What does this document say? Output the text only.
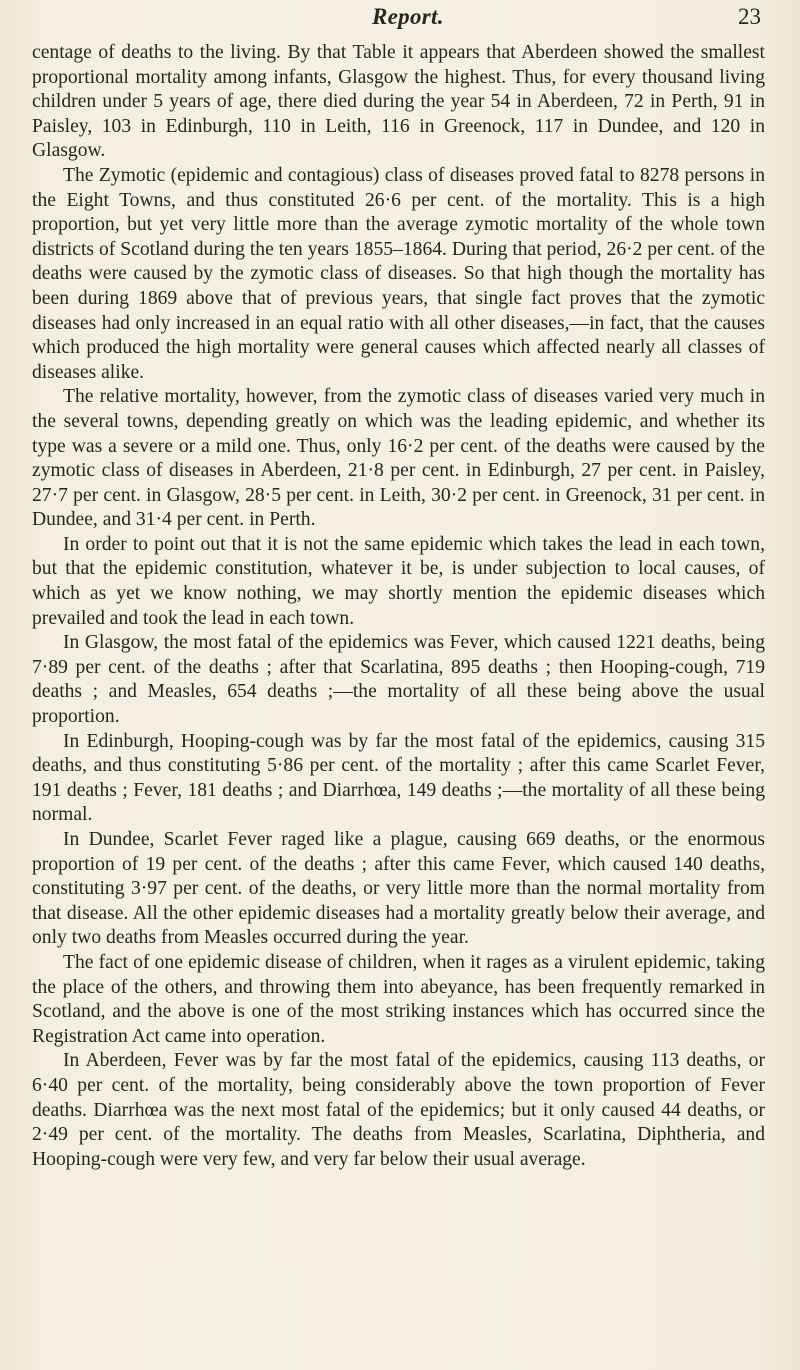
Report.	23

centage of deaths to the living. By that Table it appears that Aberdeen showed the smallest proportional mortality among infants, Glasgow the highest. Thus, for every thousand living children under 5 years of age, there died during the year 54 in Aberdeen, 72 in Perth, 91 in Paisley, 103 in Edinburgh, 110 in Leith, 116 in Greenock, 117 in Dundee, and 120 in Glasgow.

The Zymotic (epidemic and contagious) class of diseases proved fatal to 8278 persons in the Eight Towns, and thus constituted 26·6 per cent. of the mortality. This is a high proportion, but yet very little more than the average zymotic mortality of the whole town districts of Scotland during the ten years 1855–1864. During that period, 26·2 per cent. of the deaths were caused by the zymotic class of diseases. So that high though the mortality has been during 1869 above that of previous years, that single fact proves that the zymotic diseases had only increased in an equal ratio with all other diseases,—in fact, that the causes which produced the high mortality were general causes which affected nearly all classes of diseases alike.

The relative mortality, however, from the zymotic class of diseases varied very much in the several towns, depending greatly on which was the leading epidemic, and whether its type was a severe or a mild one. Thus, only 16·2 per cent. of the deaths were caused by the zymotic class of diseases in Aberdeen, 21·8 per cent. in Edinburgh, 27 per cent. in Paisley, 27·7 per cent. in Glasgow, 28·5 per cent. in Leith, 30·2 per cent. in Greenock, 31 per cent. in Dundee, and 31·4 per cent. in Perth.

In order to point out that it is not the same epidemic which takes the lead in each town, but that the epidemic constitution, whatever it be, is under subjection to local causes, of which as yet we know nothing, we may shortly mention the epidemic diseases which prevailed and took the lead in each town.

In Glasgow, the most fatal of the epidemics was Fever, which caused 1221 deaths, being 7·89 per cent. of the deaths ; after that Scarlatina, 895 deaths ; then Hooping-cough, 719 deaths ; and Measles, 654 deaths ;—the mortality of all these being above the usual proportion.

In Edinburgh, Hooping-cough was by far the most fatal of the epidemics, causing 315 deaths, and thus constituting 5·86 per cent. of the mortality ; after this came Scarlet Fever, 191 deaths ; Fever, 181 deaths ; and Diarrhœa, 149 deaths ;—the mortality of all these being normal.

In Dundee, Scarlet Fever raged like a plague, causing 669 deaths, or the enormous proportion of 19 per cent. of the deaths ; after this came Fever, which caused 140 deaths, constituting 3·97 per cent. of the deaths, or very little more than the normal mortality from that disease. All the other epidemic diseases had a mortality greatly below their average, and only two deaths from Measles occurred during the year.

The fact of one epidemic disease of children, when it rages as a virulent epidemic, taking the place of the others, and throwing them into abeyance, has been frequently remarked in Scotland, and the above is one of the most striking instances which has occurred since the Registration Act came into operation.

In Aberdeen, Fever was by far the most fatal of the epidemics, causing 113 deaths, or 6·40 per cent. of the mortality, being considerably above the town proportion of Fever deaths. Diarrhœa was the next most fatal of the epidemics; but it only caused 44 deaths, or 2·49 per cent. of the mortality. The deaths from Measles, Scarlatina, Diphtheria, and Hooping-cough were very few, and very far below their usual average.
